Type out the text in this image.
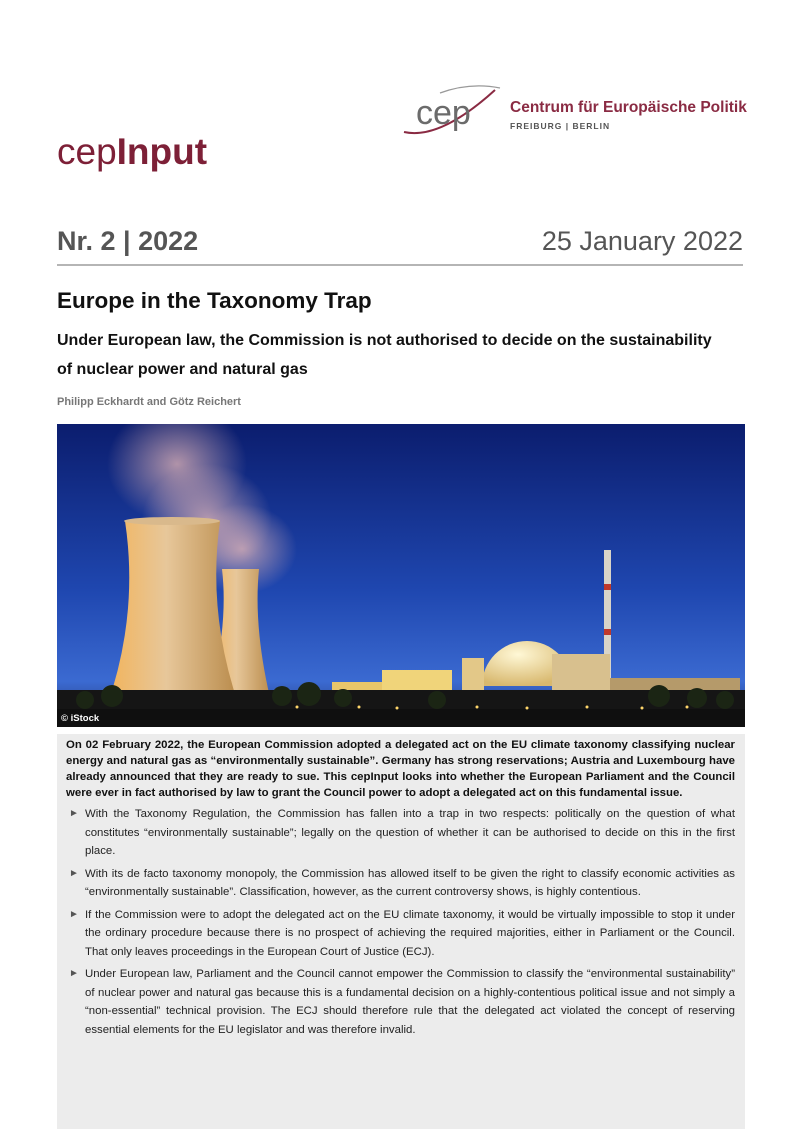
cep	Centrum für Europäische Politik
FREIBURG | BERLIN
cepInput
Nr. 2 | 2022	25 January 2022
Europe in the Taxonomy Trap
Under European law, the Commission is not authorised to decide on the sustainability of nuclear power and natural gas
Philipp Eckhardt and Götz Reichert
© iStock

On 02 February 2022, the European Commission adopted a delegated act on the EU climate taxonomy classifying nuclear energy and natural gas as “environmentally sustainable”. Germany has strong reservations; Austria and Luxembourg have already announced that they are ready to sue. This cepInput looks into whether the European Parliament and the Council were ever in fact authorised by law to grant the Council power to adopt a delegated act on this fundamental issue.

► With the Taxonomy Regulation, the Commission has fallen into a trap in two respects: politically on the question of what constitutes “environmentally sustainable”; legally on the question of whether it can be authorised to decide on this in the first place.
► With its de facto taxonomy monopoly, the Commission has allowed itself to be given the right to classify economic activities as “environmentally sustainable”. Classification, however, as the current controversy shows, is highly contentious.
► If the Commission were to adopt the delegated act on the EU climate taxonomy, it would be virtually impossible to stop it under the ordinary procedure because there is no prospect of achieving the required majorities, either in Parliament or the Council. That only leaves proceedings in the European Court of Justice (ECJ).
► Under European law, Parliament and the Council cannot empower the Commission to classify the “environmental sustainability” of nuclear power and natural gas because this is a fundamental decision on a highly-contentious political issue and not simply a “non-essential” technical provision. The ECJ should therefore rule that the delegated act violated the concept of reserving essential elements for the EU legislator and was therefore invalid.
